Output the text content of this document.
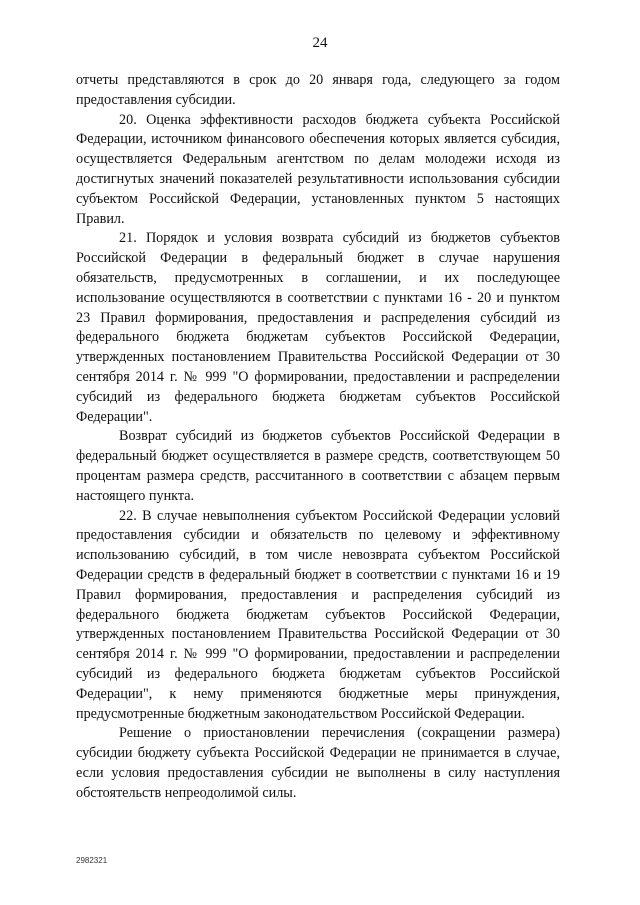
24

отчеты представляются в срок до 20 января года, следующего за годом предоставления субсидии.

20. Оценка эффективности расходов бюджета субъекта Российской Федерации, источником финансового обеспечения которых является субсидия, осуществляется Федеральным агентством по делам молодежи исходя из достигнутых значений показателей результативности использования субсидии субъектом Российской Федерации, установленных пунктом 5 настоящих Правил.

21. Порядок и условия возврата субсидий из бюджетов субъектов Российской Федерации в федеральный бюджет в случае нарушения обязательств, предусмотренных в соглашении, и их последующее использование осуществляются в соответствии с пунктами 16 - 20 и пунктом 23 Правил формирования, предоставления и распределения субсидий из федерального бюджета бюджетам субъектов Российской Федерации, утвержденных постановлением Правительства Российской Федерации от 30 сентября 2014 г. № 999 "О формировании, предоставлении и распределении субсидий из федерального бюджета бюджетам субъектов Российской Федерации".

Возврат субсидий из бюджетов субъектов Российской Федерации в федеральный бюджет осуществляется в размере средств, соответствующем 50 процентам размера средств, рассчитанного в соответствии с абзацем первым настоящего пункта.

22. В случае невыполнения субъектом Российской Федерации условий предоставления субсидии и обязательств по целевому и эффективному использованию субсидий, в том числе невозврата субъектом Российской Федерации средств в федеральный бюджет в соответствии с пунктами 16 и 19 Правил формирования, предоставления и распределения субсидий из федерального бюджета бюджетам субъектов Российской Федерации, утвержденных постановлением Правительства Российской Федерации от 30 сентября 2014 г. № 999 "О формировании, предоставлении и распределении субсидий из федерального бюджета бюджетам субъектов Российской Федерации", к нему применяются бюджетные меры принуждения, предусмотренные бюджетным законодательством Российской Федерации.

Решение о приостановлении перечисления (сокращении размера) субсидии бюджету субъекта Российской Федерации не принимается в случае, если условия предоставления субсидии не выполнены в силу наступления обстоятельств непреодолимой силы.

2982321
